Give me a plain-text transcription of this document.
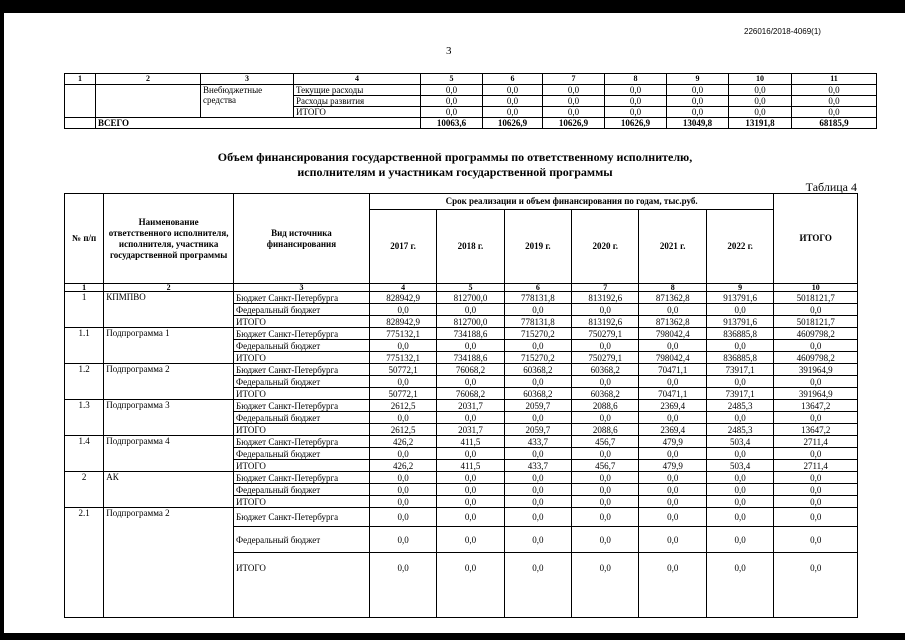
226016/2018-4069(1)
3
1	2	3	4	5	6	7	8	9	10	11
		Внебюджетные средства	Текущие расходы	0,0	0,0	0,0	0,0	0,0	0,0	0,0
			Расходы развития	0,0	0,0	0,0	0,0	0,0	0,0	0,0
			ИТОГО	0,0	0,0	0,0	0,0	0,0	0,0	0,0
	ВСЕГО			10063,6	10626,9	10626,9	10626,9	13049,8	13191,8	68185,9
Объем финансирования государственной программы по ответственному исполнителю,
исполнителям и участникам государственной программы
Таблица 4
№ п/п	Наименование ответственного исполнителя, исполнителя, участника государственной программы	Вид источника финансирования	Срок реализации и объем финансирования по годам, тыс.руб.						ИТОГО
			2017 г.	2018 г.	2019 г.	2020 г.	2021 г.	2022 г.	
1	2	3	4	5	6	7	8	9	10
1	КПМПВО	Бюджет Санкт-Петербурга	828942,9	812700,0	778131,8	813192,6	871362,8	913791,6	5018121,7
		Федеральный бюджет	0,0	0,0	0,0	0,0	0,0	0,0	0,0
		ИТОГО	828942,9	812700,0	778131,8	813192,6	871362,8	913791,6	5018121,7
1.1	Подпрограмма 1	Бюджет Санкт-Петербурга	775132,1	734188,6	715270,2	750279,1	798042,4	836885,8	4609798,2
		Федеральный бюджет	0,0	0,0	0,0	0,0	0,0	0,0	0,0
		ИТОГО	775132,1	734188,6	715270,2	750279,1	798042,4	836885,8	4609798,2
1.2	Подпрограмма 2	Бюджет Санкт-Петербурга	50772,1	76068,2	60368,2	60368,2	70471,1	73917,1	391964,9
		Федеральный бюджет	0,0	0,0	0,0	0,0	0,0	0,0	0,0
		ИТОГО	50772,1	76068,2	60368,2	60368,2	70471,1	73917,1	391964,9
1.3	Подпрограмма 3	Бюджет Санкт-Петербурга	2612,5	2031,7	2059,7	2088,6	2369,4	2485,3	13647,2
		Федеральный бюджет	0,0	0,0	0,0	0,0	0,0	0,0	0,0
		ИТОГО	2612,5	2031,7	2059,7	2088,6	2369,4	2485,3	13647,2
1.4	Подпрограмма 4	Бюджет Санкт-Петербурга	426,2	411,5	433,7	456,7	479,9	503,4	2711,4
		Федеральный бюджет	0,0	0,0	0,0	0,0	0,0	0,0	0,0
		ИТОГО	426,2	411,5	433,7	456,7	479,9	503,4	2711,4
2	АК	Бюджет Санкт-Петербурга	0,0	0,0	0,0	0,0	0,0	0,0	0,0
		Федеральный бюджет	0,0	0,0	0,0	0,0	0,0	0,0	0,0
		ИТОГО	0,0	0,0	0,0	0,0	0,0	0,0	0,0
2.1	Подпрограмма 2	Бюджет Санкт-Петербурга	0,0	0,0	0,0	0,0	0,0	0,0	0,0
		Федеральный бюджет	0,0	0,0	0,0	0,0	0,0	0,0	0,0
		ИТОГО	0,0	0,0	0,0	0,0	0,0	0,0	0,0
